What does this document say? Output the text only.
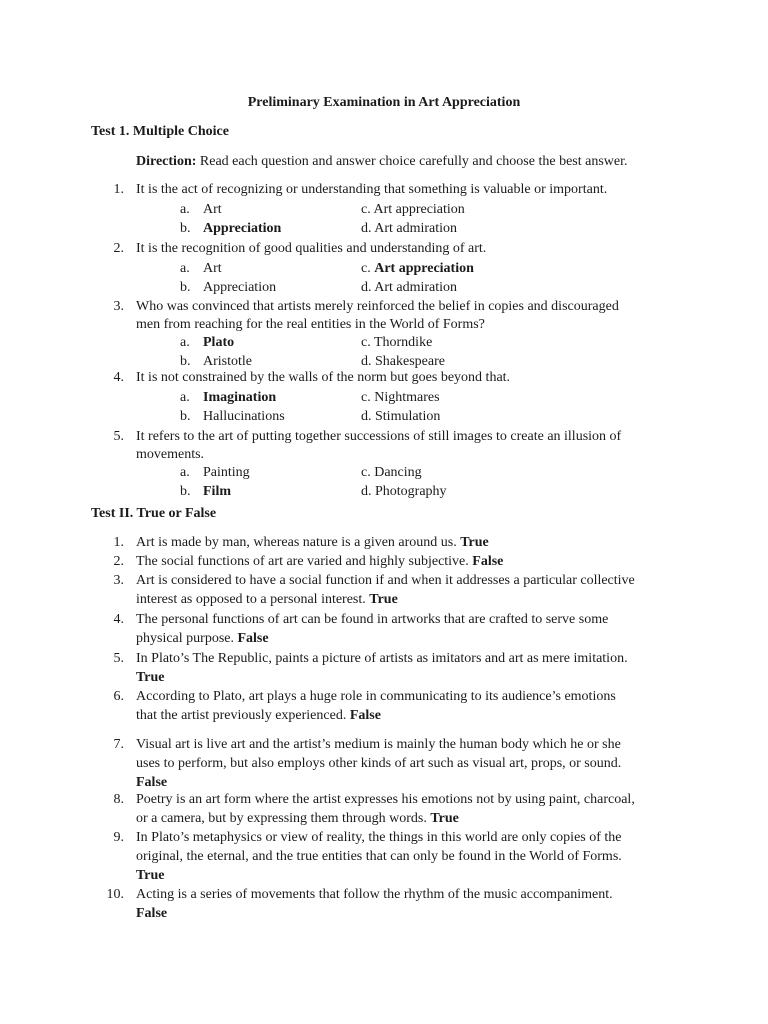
Preliminary Examination in Art Appreciation
Test 1. Multiple Choice
Direction: Read each question and answer choice carefully and choose the best answer.
1. It is the act of recognizing or understanding that something is valuable or important.
a. Art
b. Appreciation
c. Art appreciation
d. Art admiration
2. It is the recognition of good qualities and understanding of art.
a. Art
b. Appreciation
c. Art appreciation
d. Art admiration
3. Who was convinced that artists merely reinforced the belief in copies and discouraged
men from reaching for the real entities in the World of Forms?
a. Plato
b. Aristotle
c. Thorndike
d. Shakespeare
4. It is not constrained by the walls of the norm but goes beyond that.
a. Imagination
b. Hallucinations
c. Nightmares
d. Stimulation
5. It refers to the art of putting together successions of still images to create an illusion of
movements.
a. Painting
b. Film
c. Dancing
d. Photography
Test II. True or False
1. Art is made by man, whereas nature is a given around us. True
2. The social functions of art are varied and highly subjective. False
3. Art is considered to have a social function if and when it addresses a particular collective
interest as opposed to a personal interest. True
4. The personal functions of art can be found in artworks that are crafted to serve some
physical purpose. False
5. In Plato’s The Republic, paints a picture of artists as imitators and art as mere imitation.
True
6. According to Plato, art plays a huge role in communicating to its audience’s emotions
that the artist previously experienced. False
7. Visual art is live art and the artist’s medium is mainly the human body which he or she
uses to perform, but also employs other kinds of art such as visual art, props, or sound.
False
8. Poetry is an art form where the artist expresses his emotions not by using paint, charcoal,
or a camera, but by expressing them through words. True
9. In Plato’s metaphysics or view of reality, the things in this world are only copies of the
original, the eternal, and the true entities that can only be found in the World of Forms.
True
10. Acting is a series of movements that follow the rhythm of the music accompaniment.
False
